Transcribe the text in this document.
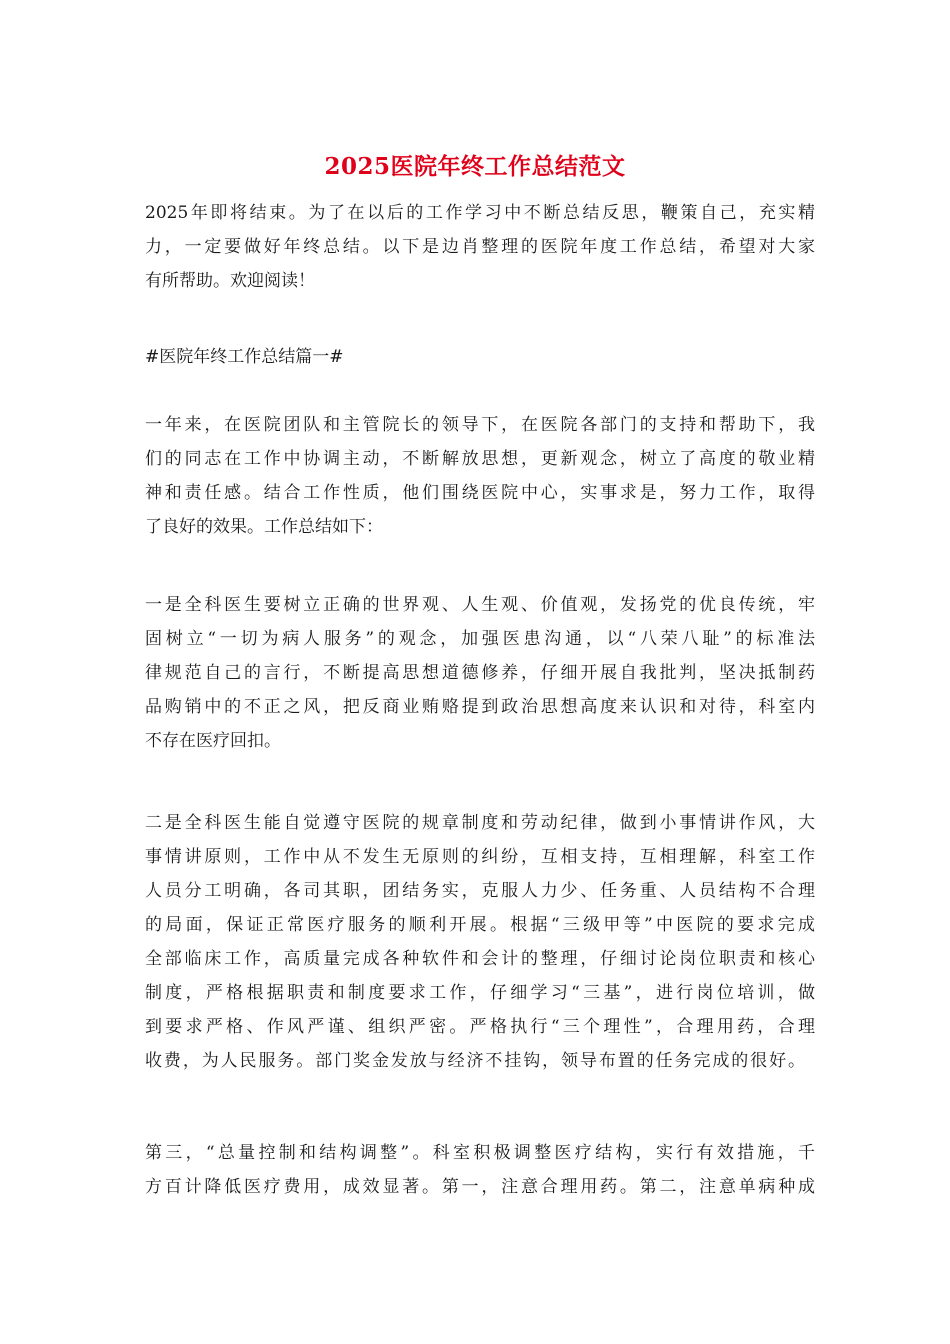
2025医院年终工作总结范文
2025年即将结束。为了在以后的工作学习中不断总结反思，鞭策自己，充实精
力，一定要做好年终总结。以下是边肖整理的医院年度工作总结，希望对大家
有所帮助。欢迎阅读！
#医院年终工作总结篇一#
一年来，在医院团队和主管院长的领导下，在医院各部门的支持和帮助下，我
们的同志在工作中协调主动，不断解放思想，更新观念，树立了高度的敬业精
神和责任感。结合工作性质，他们围绕医院中心，实事求是，努力工作，取得
了良好的效果。工作总结如下：
一是全科医生要树立正确的世界观、人生观、价值观，发扬党的优良传统，牢
固树立“一切为病人服务”的观念，加强医患沟通，以“八荣八耻”的标准法
律规范自己的言行，不断提高思想道德修养，仔细开展自我批判，坚决抵制药
品购销中的不正之风，把反商业贿赂提到政治思想高度来认识和对待，科室内
不存在医疗回扣。
二是全科医生能自觉遵守医院的规章制度和劳动纪律，做到小事情讲作风，大
事情讲原则，工作中从不发生无原则的纠纷，互相支持，互相理解，科室工作
人员分工明确，各司其职，团结务实，克服人力少、任务重、人员结构不合理
的局面，保证正常医疗服务的顺利开展。根据“三级甲等”中医院的要求完成
全部临床工作，高质量完成各种软件和会计的整理，仔细讨论岗位职责和核心
制度，严格根据职责和制度要求工作，仔细学习“三基”，进行岗位培训，做
到要求严格、作风严谨、组织严密。严格执行“三个理性”，合理用药，合理
收费，为人民服务。部门奖金发放与经济不挂钩，领导布置的任务完成的很好。
第三，“总量控制和结构调整”。科室积极调整医疗结构，实行有效措施，千
方百计降低医疗费用，成效显著。第一，注意合理用药。第二，注意单病种成
